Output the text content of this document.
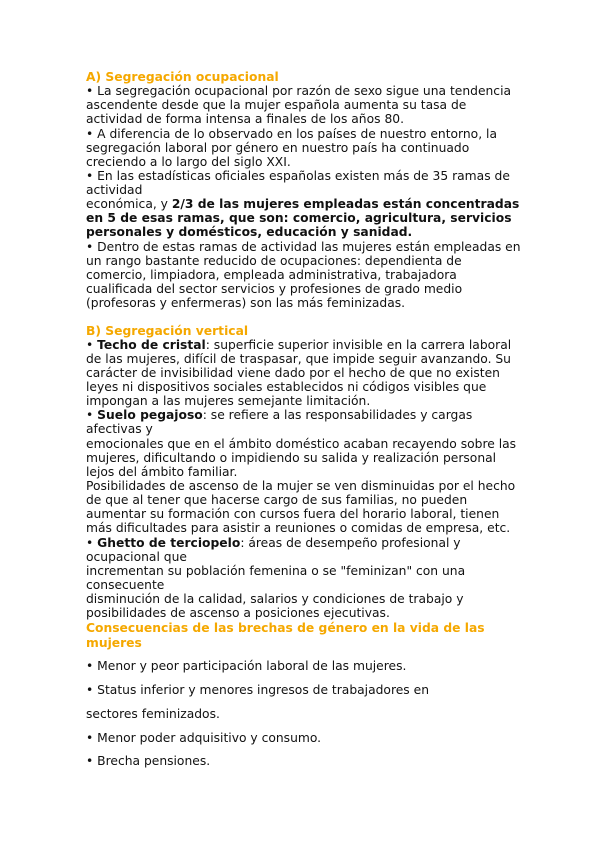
A) Segregación ocupacional
• La segregación ocupacional por razón de sexo sigue una tendencia
ascendente desde que la mujer española aumenta su tasa de
actividad de forma intensa a finales de los años 80.
• A diferencia de lo observado en los países de nuestro entorno, la
segregación laboral por género en nuestro país ha continuado
creciendo a lo largo del siglo XXI.
• En las estadísticas oficiales españolas existen más de 35 ramas de
actividad
económica, y 2/3 de las mujeres empleadas están concentradas
en 5 de esas ramas, que son: comercio, agricultura, servicios
personales y domésticos, educación y sanidad.
• Dentro de estas ramas de actividad las mujeres están empleadas en
un rango bastante reducido de ocupaciones: dependienta de
comercio, limpiadora, empleada administrativa, trabajadora
cualificada del sector servicios y profesiones de grado medio
(profesoras y enfermeras) son las más feminizadas.
B) Segregación vertical
• Techo de cristal: superficie superior invisible en la carrera laboral
de las mujeres, difícil de traspasar, que impide seguir avanzando. Su
carácter de invisibilidad viene dado por el hecho de que no existen
leyes ni dispositivos sociales establecidos ni códigos visibles que
impongan a las mujeres semejante limitación.
• Suelo pegajoso: se refiere a las responsabilidades y cargas
afectivas y
emocionales que en el ámbito doméstico acaban recayendo sobre las
mujeres, dificultando o impidiendo su salida y realización personal
lejos del ámbito familiar.
Posibilidades de ascenso de la mujer se ven disminuidas por el hecho
de que al tener que hacerse cargo de sus familias, no pueden
aumentar su formación con cursos fuera del horario laboral, tienen
más dificultades para asistir a reuniones o comidas de empresa, etc.
• Ghetto de terciopelo: áreas de desempeño profesional y
ocupacional que
incrementan su población femenina o se "feminizan" con una
consecuente
disminución de la calidad, salarios y condiciones de trabajo y
posibilidades de ascenso a posiciones ejecutivas.
Consecuencias de las brechas de género en la vida de las
mujeres
• Menor y peor participación laboral de las mujeres.
• Status inferior y menores ingresos de trabajadores en
sectores feminizados.
• Menor poder adquisitivo y consumo.
• Brecha pensiones.
